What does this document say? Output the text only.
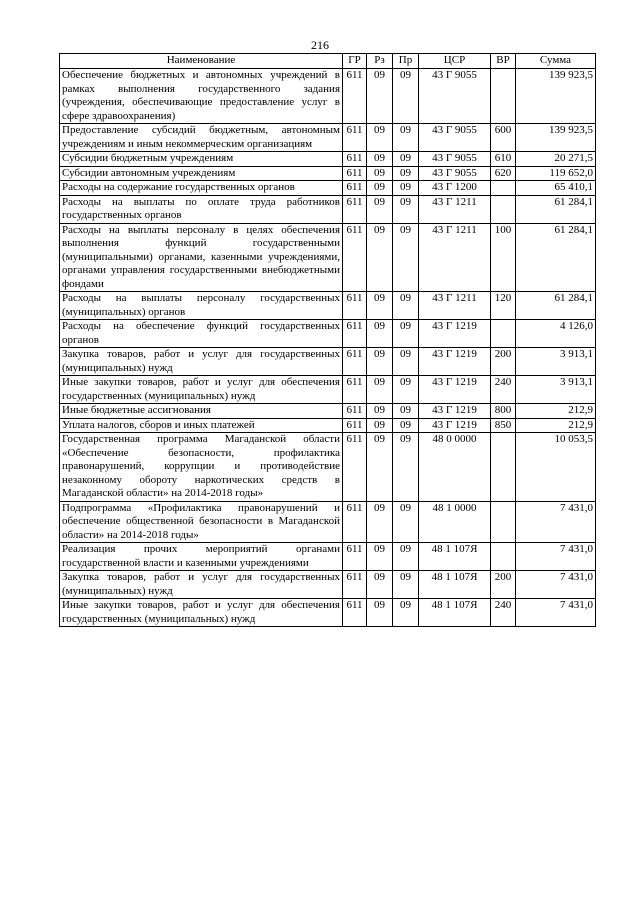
216
Наименование	ГР	Рз	Пр	ЦСР	ВР	Сумма
Обеспечение бюджетных и автономных учреждений в рамках выполнения государственного задания (учреждения, обеспечивающие предоставление услуг в сфере здравоохранения)	611	09	09	43 Г 9055		139 923,5
Предоставление субсидий бюджетным, автономным учреждениям и иным некоммерческим организациям	611	09	09	43 Г 9055	600	139 923,5
Субсидии бюджетным учреждениям	611	09	09	43 Г 9055	610	20 271,5
Субсидии автономным учреждениям	611	09	09	43 Г 9055	620	119 652,0
Расходы на содержание государственных органов	611	09	09	43 Г 1200		65 410,1
Расходы на выплаты по оплате труда работников государственных органов	611	09	09	43 Г 1211		61 284,1
Расходы на выплаты персоналу в целях обеспечения выполнения функций государственными (муниципальными) органами, казенными учреждениями, органами управления государственными внебюджетными фондами	611	09	09	43 Г 1211	100	61 284,1
Расходы на выплаты персоналу государственных (муниципальных) органов	611	09	09	43 Г 1211	120	61 284,1
Расходы на обеспечение функций государственных органов	611	09	09	43 Г 1219		4 126,0
Закупка товаров, работ и услуг для государственных (муниципальных) нужд	611	09	09	43 Г 1219	200	3 913,1
Иные закупки товаров, работ и услуг для обеспечения государственных (муниципальных) нужд	611	09	09	43 Г 1219	240	3 913,1
Иные бюджетные ассигнования	611	09	09	43 Г 1219	800	212,9
Уплата налогов, сборов и иных платежей	611	09	09	43 Г 1219	850	212,9
Государственная программа Магаданской области «Обеспечение безопасности, профилактика правонарушений, коррупции и противодействие незаконному обороту наркотических средств в Магаданской области» на 2014-2018 годы»	611	09	09	48 0 0000		10 053,5
Подпрограмма «Профилактика правонарушений и обеспечение общественной безопасности в Магаданской области» на 2014-2018 годы»	611	09	09	48 1 0000		7 431,0
Реализация прочих мероприятий органами государственной власти и казенными учреждениями	611	09	09	48 1 107Я		7 431,0
Закупка товаров, работ и услуг для государственных (муниципальных) нужд	611	09	09	48 1 107Я	200	7 431,0
Иные закупки товаров, работ и услуг для обеспечения государственных (муниципальных) нужд	611	09	09	48 1 107Я	240	7 431,0
